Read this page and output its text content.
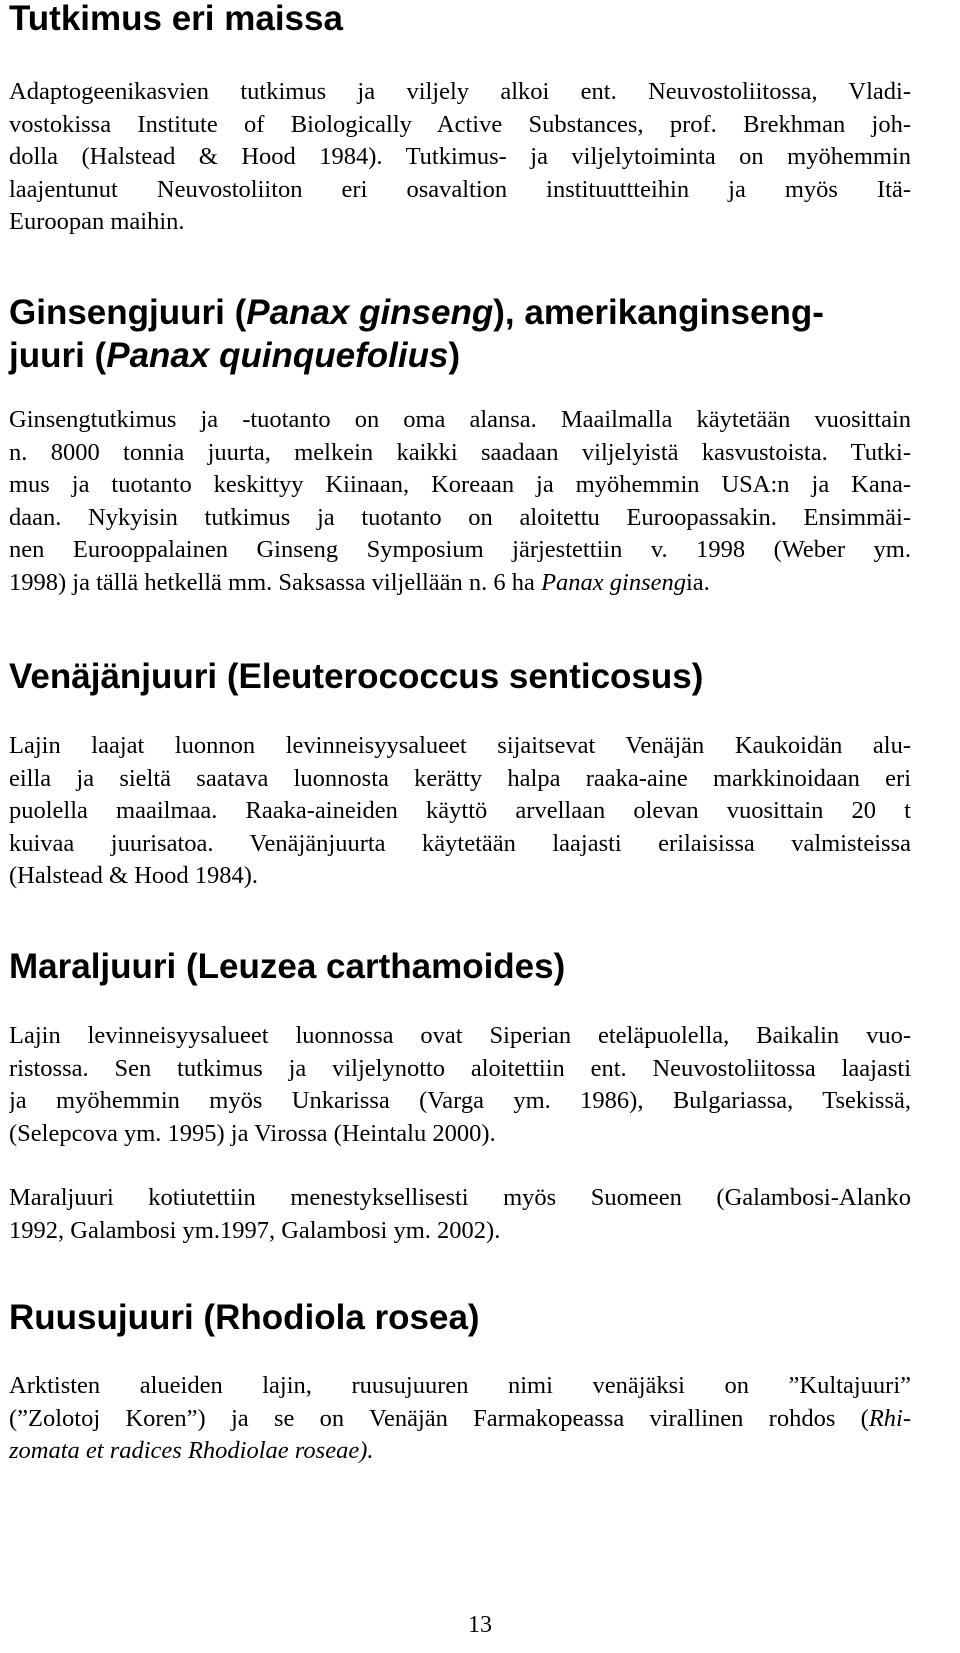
Tutkimus eri maissa
Adaptogeenikasvien tutkimus ja viljely alkoi ent. Neuvostoliitossa, Vladi-
vostokissa Institute of Biologically Active Substances, prof. Brekhman joh-
dolla (Halstead & Hood 1984). Tutkimus- ja viljelytoiminta on myöhemmin
laajentunut Neuvostoliiton eri osavaltion instituuttteihin ja myös Itä-
Euroopan maihin.
Ginsengjuuri (Panax ginseng), amerikanginseng-
juuri (Panax quinquefolius)
Ginsengtutkimus ja -tuotanto on oma alansa. Maailmalla käytetään vuosittain
n. 8000 tonnia juurta, melkein kaikki saadaan viljelyistä kasvustoista. Tutki-
mus ja tuotanto keskittyy Kiinaan, Koreaan ja myöhemmin USA:n ja Kana-
daan. Nykyisin tutkimus ja tuotanto on aloitettu Euroopassakin. Ensimmäi-
nen Eurooppalainen Ginseng Symposium järjestettiin v. 1998 (Weber ym.
1998) ja tällä hetkellä mm. Saksassa viljellään n. 6 ha Panax ginsengia.
Venäjänjuuri (Eleuterococcus senticosus)
Lajin laajat luonnon levinneisyysalueet sijaitsevat Venäjän Kaukoidän alu-
eilla ja sieltä saatava luonnosta kerätty halpa raaka-aine markkinoidaan eri
puolella maailmaa. Raaka-aineiden käyttö arvellaan olevan vuosittain 20 t
kuivaa juurisatoa. Venäjänjuurta käytetään laajasti erilaisissa valmisteissa
(Halstead & Hood 1984).
Maraljuuri (Leuzea carthamoides)
Lajin levinneisyysalueet luonnossa ovat Siperian eteläpuolella, Baikalin vuo-
ristossa. Sen tutkimus ja viljelynotto aloitettiin ent. Neuvostoliitossa laajasti
ja myöhemmin myös Unkarissa (Varga ym. 1986), Bulgariassa, Tsekissä,
(Selepcova ym. 1995) ja Virossa (Heintalu 2000).
Maraljuuri kotiutettiin menestyksellisesti myös Suomeen (Galambosi-Alanko
1992, Galambosi ym.1997, Galambosi ym. 2002).
Ruusujuuri (Rhodiola rosea)
Arktisten alueiden lajin, ruusujuuren nimi venäjäksi on ”Kultajuuri”
(”Zolotoj Koren”) ja se on Venäjän Farmakopeassa virallinen rohdos (Rhi-
zomata et radices Rhodiolae roseae).
13
